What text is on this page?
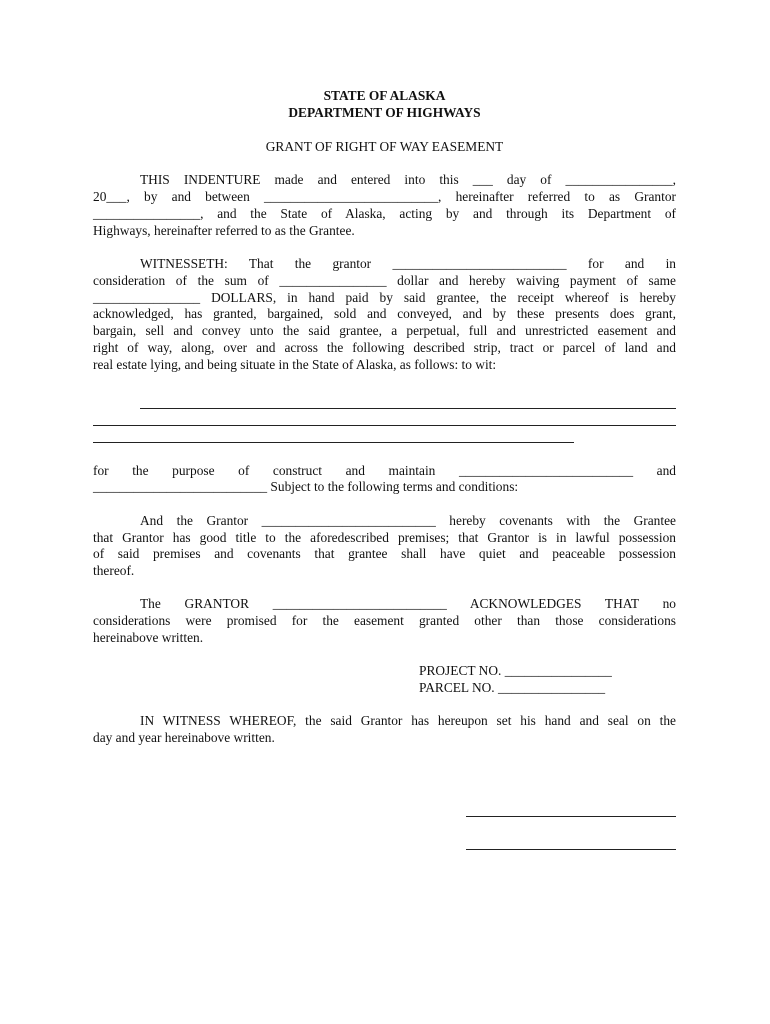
STATE OF ALASKA
DEPARTMENT OF HIGHWAYS
GRANT OF RIGHT OF WAY EASEMENT
THIS INDENTURE made and entered into this ___ day of ________________,
20___, by and between __________________________, hereinafter referred to as Grantor
________________, and the State of Alaska, acting by and through its Department of
Highways, hereinafter referred to as the Grantee.
WITNESSETH: That the grantor __________________________ for and in
consideration of the sum of ________________ dollar and hereby waiving payment of same
________________ DOLLARS, in hand paid by said grantee, the receipt whereof is hereby
acknowledged, has granted, bargained, sold and conveyed, and by these presents does grant,
bargain, sell and convey unto the said grantee, a perpetual, full and unrestricted easement and
right of way, along, over and across the following described strip, tract or parcel of land and
real estate lying, and being situate in the State of Alaska, as follows: to wit:
for the purpose of construct and maintain __________________________ and
__________________________ Subject to the following terms and conditions:
And the Grantor __________________________ hereby covenants with the Grantee
that Grantor has good title to the aforedescribed premises; that Grantor is in lawful possession
of said premises and covenants that grantee shall have quiet and peaceable possession
thereof.
The GRANTOR __________________________ ACKNOWLEDGES THAT no
considerations were promised for the easement granted other than those considerations
hereinabove written.
PROJECT NO. ________________
PARCEL NO. ________________
IN WITNESS WHEREOF, the said Grantor has hereupon set his hand and seal on the
day and year hereinabove written.
